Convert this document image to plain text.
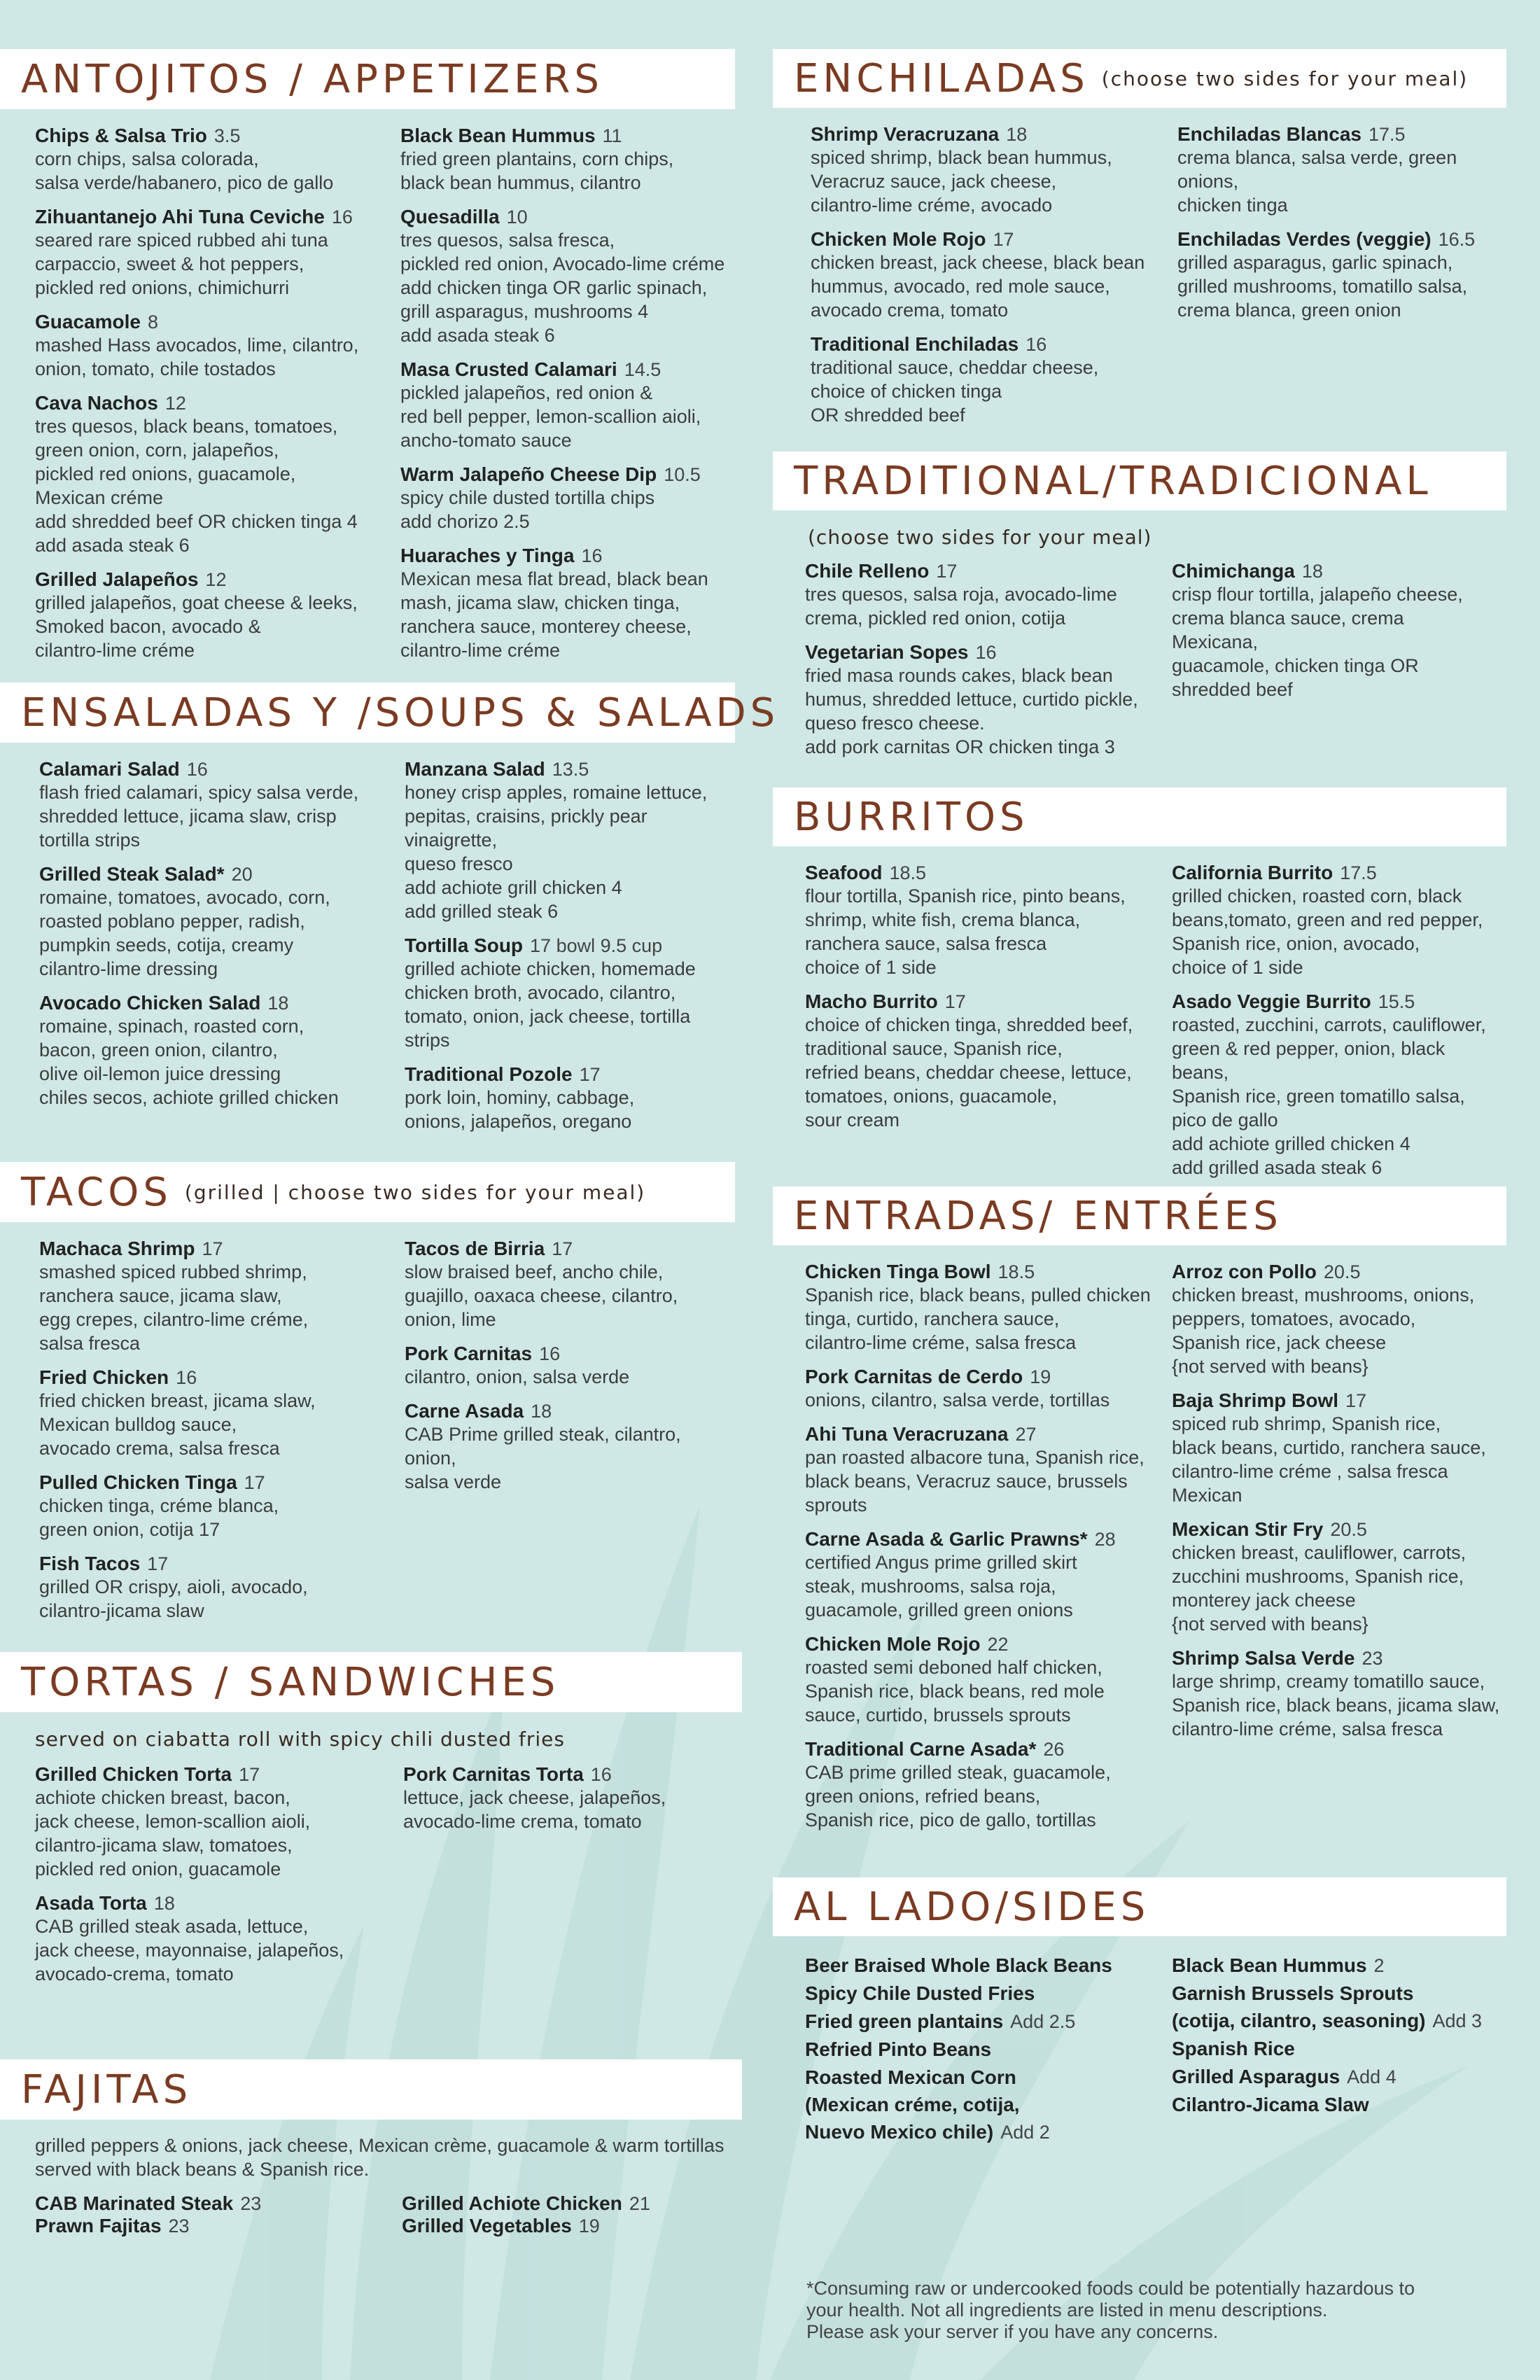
ANTOJITOS / APPETIZERS
Chips & Salsa Trio 3.5
corn chips, salsa colorada,
salsa verde/habanero, pico de gallo
Zihuantanejo Ahi Tuna Ceviche 16
seared rare spiced rubbed ahi tuna
carpaccio, sweet & hot peppers,
pickled red onions, chimichurri
Guacamole 8
mashed Hass avocados, lime, cilantro,
onion, tomato, chile tostados
Cava Nachos 12
tres quesos, black beans, tomatoes,
green onion, corn, jalapeños,
pickled red onions, guacamole,
Mexican créme
add shredded beef OR chicken tinga 4
add asada steak 6
Grilled Jalapeños 12
grilled jalapeños, goat cheese & leeks,
Smoked bacon, avocado &
cilantro-lime créme
Black Bean Hummus 11
fried green plantains, corn chips,
black bean hummus, cilantro
Quesadilla 10
tres quesos, salsa fresca,
pickled red onion, Avocado-lime créme
add chicken tinga OR garlic spinach,
grill asparagus, mushrooms 4
add asada steak 6
Masa Crusted Calamari 14.5
pickled jalapeños, red onion &
red bell pepper, lemon-scallion aioli,
ancho-tomato sauce
Warm Jalapeño Cheese Dip 10.5
spicy chile dusted tortilla chips
add chorizo 2.5
Huaraches y Tinga 16
Mexican mesa flat bread, black bean
mash, jicama slaw, chicken tinga,
ranchera sauce, monterey cheese,
cilantro-lime créme
ENSALADAS Y /SOUPS & SALADS
Calamari Salad 16
flash fried calamari, spicy salsa verde,
shredded lettuce, jicama slaw, crisp
tortilla strips
Grilled Steak Salad* 20
romaine, tomatoes, avocado, corn,
roasted poblano pepper, radish,
pumpkin seeds, cotija, creamy
cilantro-lime dressing
Avocado Chicken Salad 18
romaine, spinach, roasted corn,
bacon, green onion, cilantro,
olive oil-lemon juice dressing
chiles secos, achiote grilled chicken
Manzana Salad 13.5
honey crisp apples, romaine lettuce,
pepitas, craisins, prickly pear vinaigrette,
queso fresco
add achiote grill chicken 4
add grilled steak 6
Tortilla Soup 17 bowl 9.5 cup
grilled achiote chicken, homemade
chicken broth, avocado, cilantro,
tomato, onion, jack cheese, tortilla strips
Traditional Pozole 17
pork loin, hominy, cabbage,
onions, jalapeños, oregano
TACOS (grilled | choose two sides for your meal)
Machaca Shrimp 17
smashed spiced rubbed shrimp,
ranchera sauce, jicama slaw,
egg crepes, cilantro-lime créme,
salsa fresca
Fried Chicken 16
fried chicken breast, jicama slaw,
Mexican bulldog sauce,
avocado crema, salsa fresca
Pulled Chicken Tinga 17
chicken tinga, créme blanca,
green onion, cotija 17
Fish Tacos 17
grilled OR crispy, aioli, avocado,
cilantro-jicama slaw
Tacos de Birria 17
slow braised beef, ancho chile,
guajillo, oaxaca cheese, cilantro,
onion, lime
Pork Carnitas 16
cilantro, onion, salsa verde
Carne Asada 18
CAB Prime grilled steak, cilantro, onion,
salsa verde
TORTAS / SANDWICHES
served on ciabatta roll with spicy chili dusted fries
Grilled Chicken Torta 17
achiote chicken breast, bacon,
jack cheese, lemon-scallion aioli,
cilantro-jicama slaw, tomatoes,
pickled red onion, guacamole
Asada Torta 18
CAB grilled steak asada, lettuce,
jack cheese, mayonnaise, jalapeños,
avocado-crema, tomato
Pork Carnitas Torta 16
lettuce, jack cheese, jalapeños,
avocado-lime crema, tomato
FAJITAS
grilled peppers & onions, jack cheese, Mexican crème, guacamole & warm tortillas
served with black beans & Spanish rice.
CAB Marinated Steak 23
Prawn Fajitas 23
Grilled Achiote Chicken 21
Grilled Vegetables 19
ENCHILADAS (choose two sides for your meal)
Shrimp Veracruzana 18
spiced shrimp, black bean hummus,
Veracruz sauce, jack cheese,
cilantro-lime créme, avocado
Chicken Mole Rojo 17
chicken breast, jack cheese, black bean
hummus, avocado, red mole sauce,
avocado crema, tomato
Traditional Enchiladas 16
traditional sauce, cheddar cheese,
choice of chicken tinga
OR shredded beef
Enchiladas Blancas 17.5
crema blanca, salsa verde, green onions,
chicken tinga
Enchiladas Verdes (veggie) 16.5
grilled asparagus, garlic spinach,
grilled mushrooms, tomatillo salsa,
crema blanca, green onion
TRADITIONAL/TRADICIONAL
(choose two sides for your meal)
Chile Relleno 17
tres quesos, salsa roja, avocado-lime
crema, pickled red onion, cotija
Vegetarian Sopes 16
fried masa rounds cakes, black bean
humus, shredded lettuce, curtido pickle,
queso fresco cheese.
add pork carnitas OR chicken tinga 3
Chimichanga 18
crisp flour tortilla, jalapeño cheese,
crema blanca sauce, crema Mexicana,
guacamole, chicken tinga OR
shredded beef
BURRITOS
Seafood 18.5
flour tortilla, Spanish rice, pinto beans,
shrimp, white fish, crema blanca,
ranchera sauce, salsa fresca
choice of 1 side
Macho Burrito 17
choice of chicken tinga, shredded beef,
traditional sauce, Spanish rice,
refried beans, cheddar cheese, lettuce,
tomatoes, onions, guacamole,
sour cream
California Burrito 17.5
grilled chicken, roasted corn, black
beans,tomato, green and red pepper,
Spanish rice, onion, avocado,
choice of 1 side
Asado Veggie Burrito 15.5
roasted, zucchini, carrots, cauliflower,
green & red pepper, onion, black beans,
Spanish rice, green tomatillo salsa,
pico de gallo
add achiote grilled chicken 4
add grilled asada steak 6
ENTRADAS/ ENTRÉES
Chicken Tinga Bowl 18.5
Spanish rice, black beans, pulled chicken
tinga, curtido, ranchera sauce,
cilantro-lime créme, salsa fresca
Pork Carnitas de Cerdo 19
onions, cilantro, salsa verde, tortillas
Ahi Tuna Veracruzana 27
pan roasted albacore tuna, Spanish rice,
black beans, Veracruz sauce, brussels
sprouts
Carne Asada & Garlic Prawns* 28
certified Angus prime grilled skirt
steak, mushrooms, salsa roja,
guacamole, grilled green onions
Chicken Mole Rojo 22
roasted semi deboned half chicken,
Spanish rice, black beans, red mole
sauce, curtido, brussels sprouts
Traditional Carne Asada* 26
CAB prime grilled steak, guacamole,
green onions, refried beans,
Spanish rice, pico de gallo, tortillas
Arroz con Pollo 20.5
chicken breast, mushrooms, onions,
peppers, tomatoes, avocado,
Spanish rice, jack cheese
{not served with beans}
Baja Shrimp Bowl 17
spiced rub shrimp, Spanish rice,
black beans, curtido, ranchera sauce,
cilantro-lime créme , salsa fresca
Mexican
Mexican Stir Fry 20.5
chicken breast, cauliflower, carrots,
zucchini mushrooms, Spanish rice,
monterey jack cheese
{not served with beans}
Shrimp Salsa Verde 23
large shrimp, creamy tomatillo sauce,
Spanish rice, black beans, jicama slaw,
cilantro-lime créme, salsa fresca
AL LADO/SIDES
Beer Braised Whole Black Beans
Spicy Chile Dusted Fries
Fried green plantains Add 2.5
Refried Pinto Beans
Roasted Mexican Corn
(Mexican créme, cotija,
Nuevo Mexico chile) Add 2
Black Bean Hummus 2
Garnish Brussels Sprouts
(cotija, cilantro, seasoning) Add 3
Spanish Rice
Grilled Asparagus Add 4
Cilantro-Jicama Slaw
*Consuming raw or undercooked foods could be potentially hazardous to
your health. Not all ingredients are listed in menu descriptions.
Please ask your server if you have any concerns.
